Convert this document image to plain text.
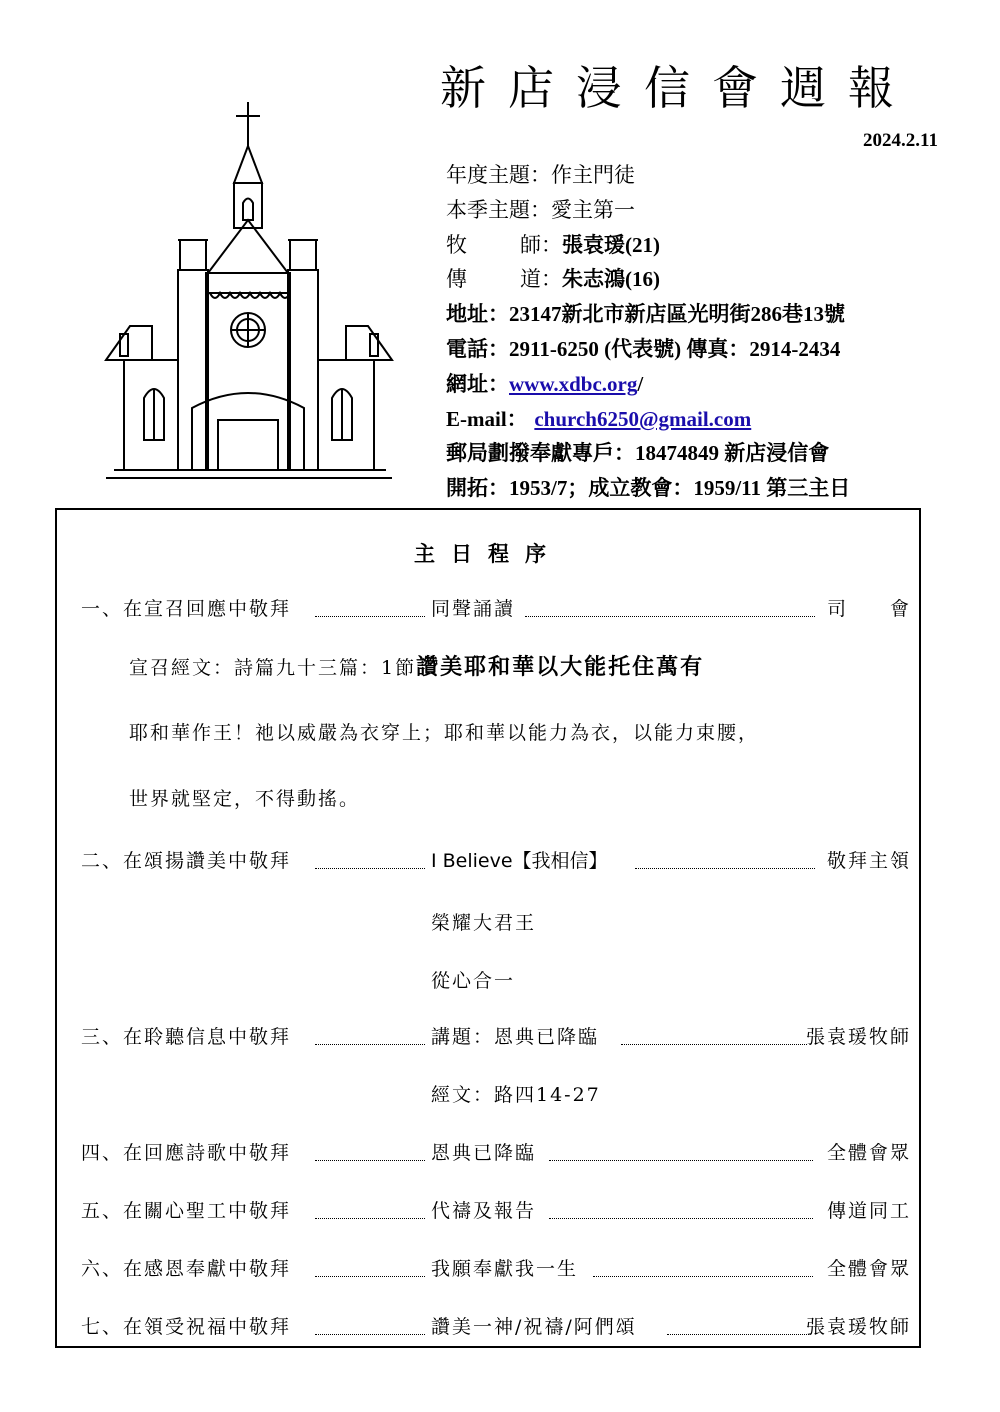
新店浸信會週報
2024.2.11
年度主題：作主門徒
本季主題：愛主第一
牧	師：張袁瑗(21)
傳	道：朱志鴻(16)
地址：23147新北市新店區光明街286巷13號
電話：2911-6250 (代表號) 傳真：2914-2434
網址：www.xdbc.org/
E-mail： church6250@gmail.com
郵局劃撥奉獻專戶：18474849 新店浸信會
開拓：1953/7；成立教會：1959/11 第三主日
主日程序
一、在宣召回應中敬拜	同聲誦讀	司　　會
宣召經文：詩篇九十三篇：1節讚美耶和華以大能托住萬有
耶和華作王！祂以威嚴為衣穿上；耶和華以能力為衣，以能力束腰，
世界就堅定，不得動搖。
二、在頌揚讚美中敬拜	I Believe【我相信】	敬拜主領
榮耀大君王
從心合一
三、在聆聽信息中敬拜	講題：恩典已降臨	張袁瑗牧師
經文：路四14-27
四、在回應詩歌中敬拜	恩典已降臨	全體會眾
五、在關心聖工中敬拜	代禱及報告	傳道同工
六、在感恩奉獻中敬拜	我願奉獻我一生	全體會眾
七、在領受祝福中敬拜	讚美一神/祝禱/阿們頌	張袁瑗牧師
